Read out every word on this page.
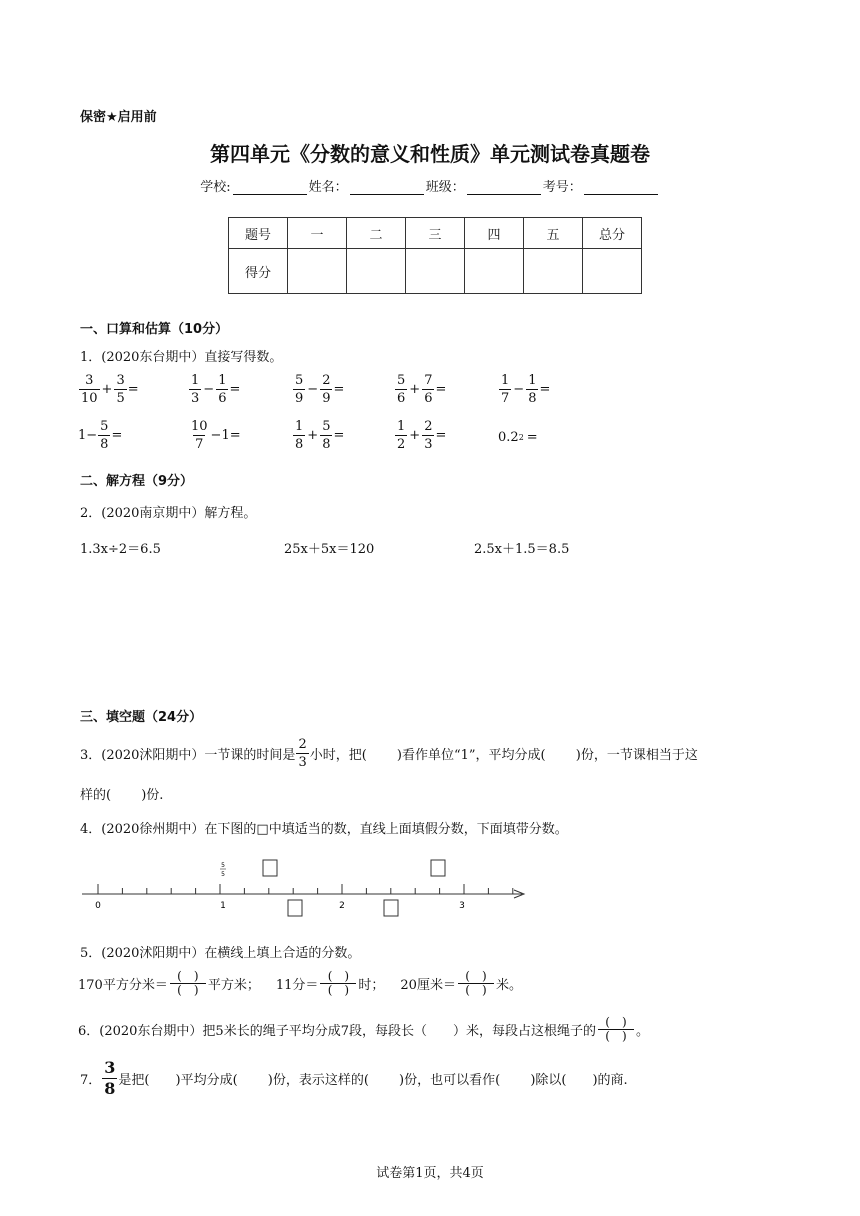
保密★启用前
第四单元《分数的意义和性质》单元测试卷真题卷
学校:	姓名：	班级：	考号：
题号	一	二	三	四	五	总分
得分						
一、口算和估算（10分）
1．(2020东台期中）直接写得数。
$\frac{3}{10} + \frac{3}{5}$ =	$\frac{1}{3} - \frac{1}{6}$ =	$\frac{5}{9} - \frac{2}{9}$ =	$\frac{5}{6} + \frac{7}{6}$ =	$\frac{1}{7} - \frac{1}{8}$ =
$1- \frac{5}{8}$ =	$\frac{10}{7} -1$ =	$\frac{1}{8} + \frac{5}{8}$ =	$\frac{1}{2} + \frac{2}{3}$ =	0.2 2 =
二、解方程（9分）
2．(2020南京期中）解方程。
1.3x÷2＝6.5	25x＋5x＝120	2.5x＋1.5＝8.5
三、填空题（24分）
3．(2020沭阳期中）一节课的时间是 $\frac{2}{3}$ 小时，把(　　 )看作单位“1”，平均分成(　　 )份，一节课相当于这
样的(　　 )份.
4．(2020徐州期中）在下图的□中填适当的数，直线上面填假分数，下面填带分数。
0	1	2	3
5
5
5．(2020沭阳期中）在横线上填上合适的分数。
170平方分米＝
(　)
(　) 平方米； 11分＝
(　)
(　) 时； 20厘米＝
(　)
(　) 米。
6．(2020东台期中）把5米长的绳子平均分成7段，每段长（　　）米，每段占这根绳子的
(　)
(　) 。
7． $\frac{3}{8}$ 是把(　　)平均分成(　　 )份，表示这样的(　　 )份，也可以看作(　　 )除以(　　)的商.
试卷第1页，共4页
